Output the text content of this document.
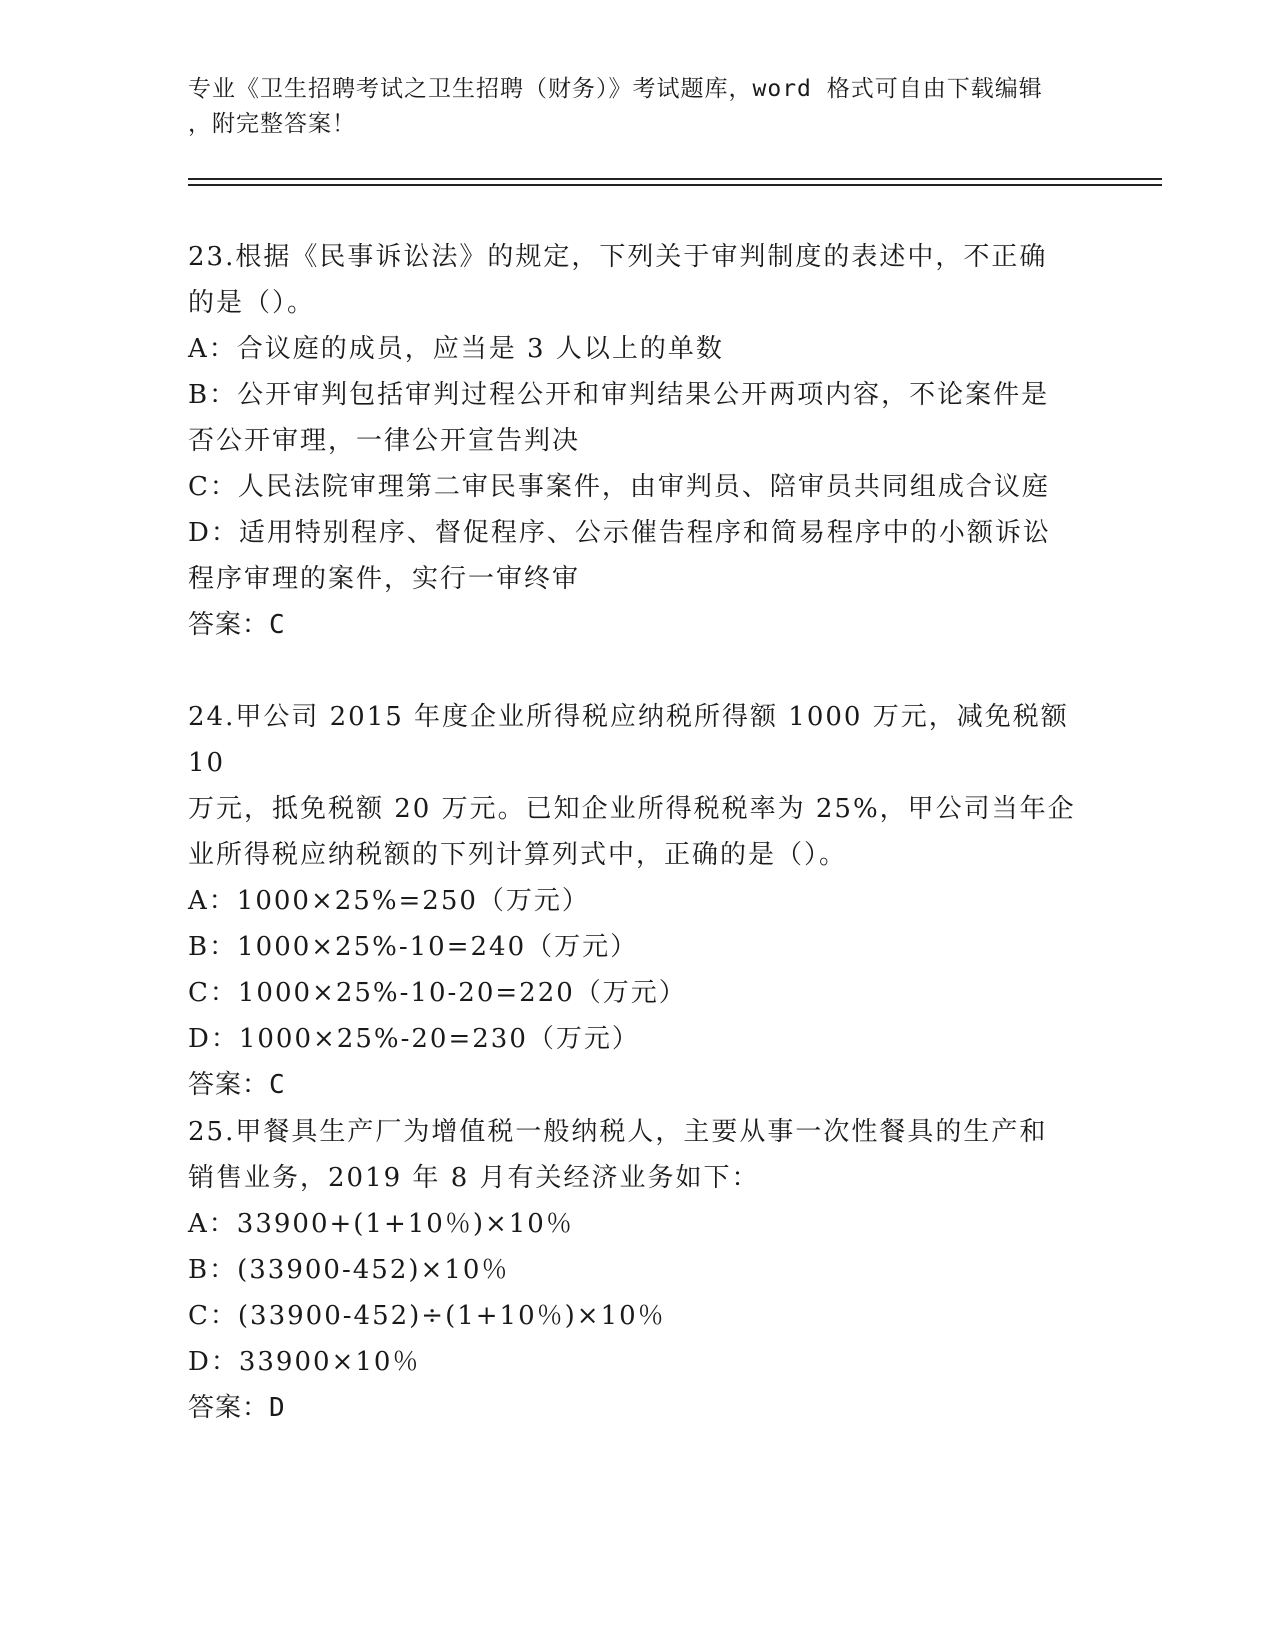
专业《卫生招聘考试之卫生招聘（财务）》考试题库，word 格式可自由下载编辑
，附完整答案！
23.根据《民事诉讼法》的规定，下列关于审判制度的表述中，不正确
的是（）。
A：合议庭的成员，应当是 3 人以上的单数
B：公开审判包括审判过程公开和审判结果公开两项内容，不论案件是
否公开审理，一律公开宣告判决
C：人民法院审理第二审民事案件，由审判员、陪审员共同组成合议庭
D：适用特别程序、督促程序、公示催告程序和简易程序中的小额诉讼
程序审理的案件，实行一审终审
答案：C
24.甲公司 2015 年度企业所得税应纳税所得额 1000 万元，减免税额 10
万元，抵免税额 20 万元。已知企业所得税税率为 25%，甲公司当年企
业所得税应纳税额的下列计算列式中，正确的是（）。
A：1000×25%=250（万元）
B：1000×25%-10=240（万元）
C：1000×25%-10-20=220（万元）
D：1000×25%-20=230（万元）
答案：C
25.甲餐具生产厂为增值税一般纳税人，主要从事一次性餐具的生产和
销售业务，2019 年 8 月有关经济业务如下：
A：33900+(1+10％)×10％
B：(33900-452)×10％
C：(33900-452)÷(1+10％)×10％
D：33900×10％
答案：D
